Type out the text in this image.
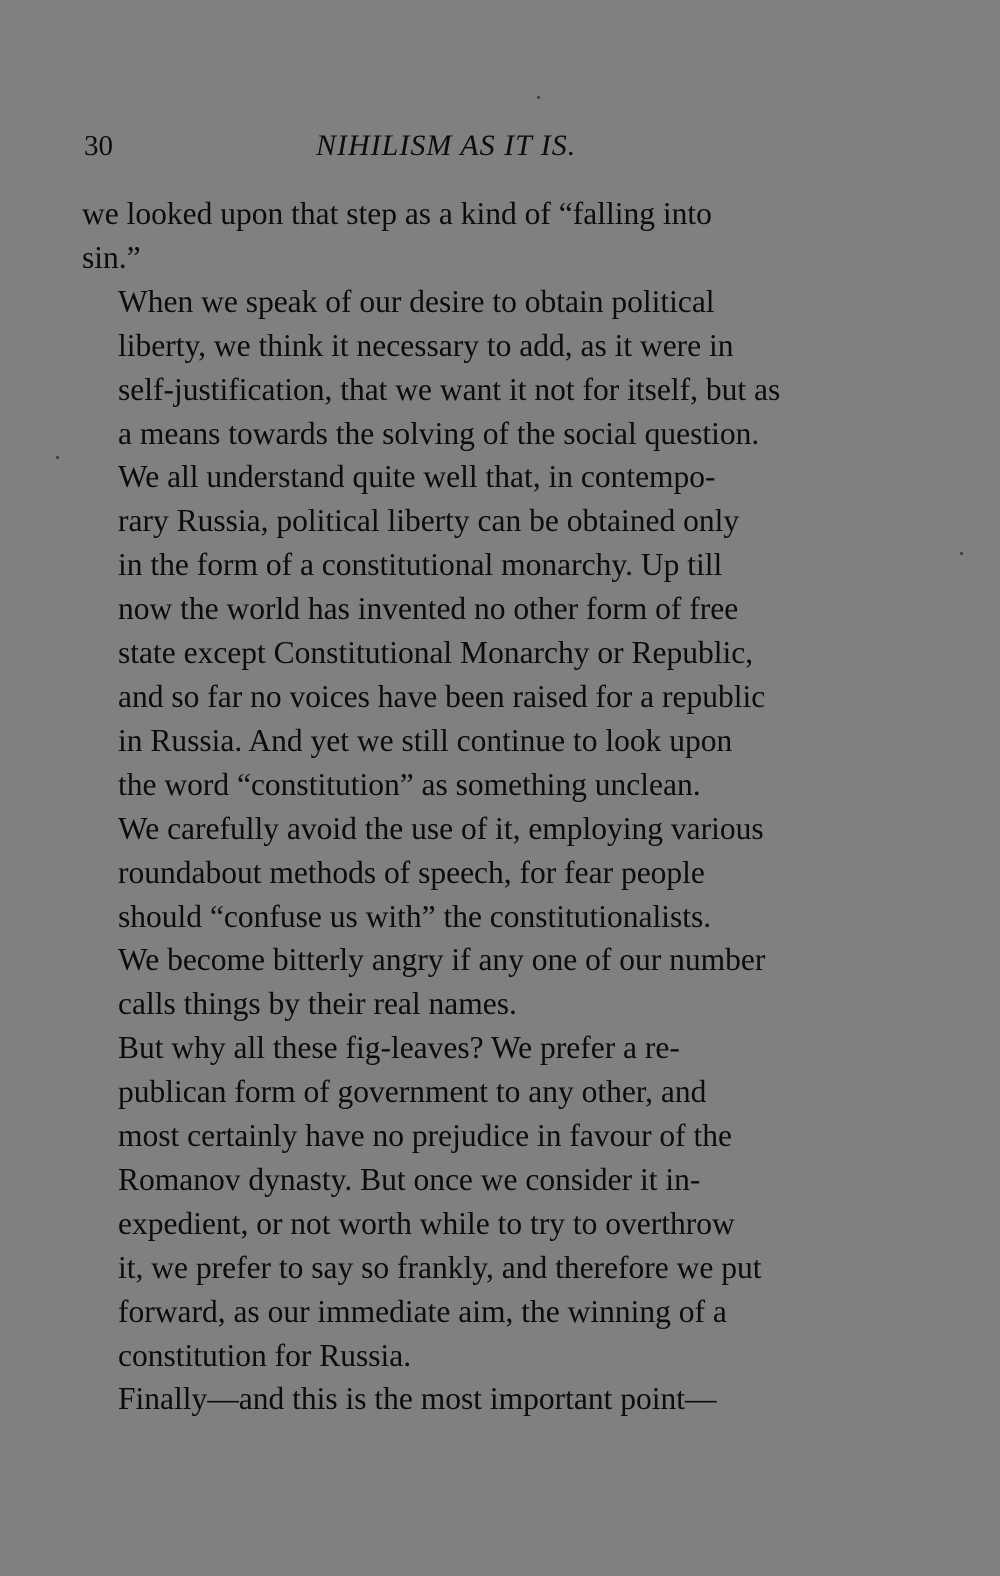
30	NIHILISM AS IT IS.

we looked upon that step as a kind of “falling into
sin.”

When we speak of our desire to obtain political
liberty, we think it necessary to add, as it were in
self-justification, that we want it not for itself, but as
a means towards the solving of the social question.

We all understand quite well that, in contempo-
rary Russia, political liberty can be obtained only
in the form of a constitutional monarchy. Up till
now the world has invented no other form of free
state except Constitutional Monarchy or Republic,
and so far no voices have been raised for a republic
in Russia. And yet we still continue to look upon
the word “constitution” as something unclean.
We carefully avoid the use of it, employing various
roundabout methods of speech, for fear people
should “confuse us with” the constitutionalists.
We become bitterly angry if any one of our number
calls things by their real names.

But why all these fig-leaves? We prefer a re-
publican form of government to any other, and
most certainly have no prejudice in favour of the
Romanov dynasty. But once we consider it in-
expedient, or not worth while to try to overthrow
it, we prefer to say so frankly, and therefore we put
forward, as our immediate aim, the winning of a
constitution for Russia.

Finally—and this is the most important point—
